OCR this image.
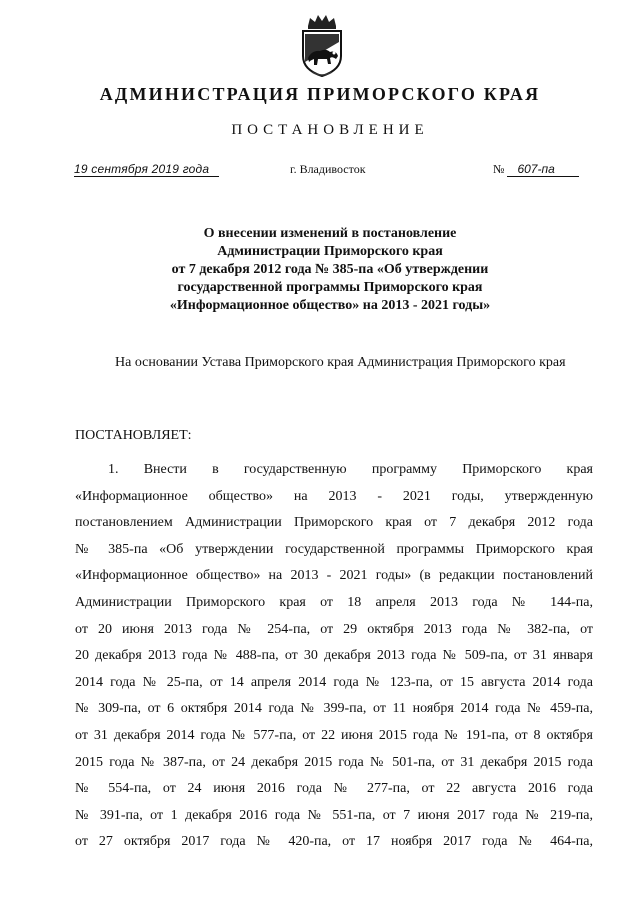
АДМИНИСТРАЦИЯ ПРИМОРСКОГО КРАЯ
ПОСТАНОВЛЕНИЕ
19 сентября 2019 года	г. Владивосток	№ 607-па
О внесении изменений в постановление
Администрации Приморского края
от 7 декабря 2012 года № 385-па «Об утверждении
государственной программы Приморского края
«Информационное общество» на 2013 - 2021 годы»
На основании Устава Приморского края Администрация Приморского края
ПОСТАНОВЛЯЕТ:
1. Внести в государственную программу Приморского края
«Информационное общество» на 2013 - 2021 годы, утвержденную
постановлением Администрации Приморского края от 7 декабря 2012 года
№ 385-па «Об утверждении государственной программы Приморского края
«Информационное общество» на 2013 - 2021 годы» (в редакции постановлений
Администрации Приморского края от 18 апреля 2013 года № 144-па,
от 20 июня 2013 года № 254-па, от 29 октября 2013 года № 382-па, от
20 декабря 2013 года № 488-па, от 30 декабря 2013 года № 509-па, от 31 января
2014 года № 25-па, от 14 апреля 2014 года № 123-па, от 15 августа 2014 года
№ 309-па, от 6 октября 2014 года № 399-па, от 11 ноября 2014 года № 459-па,
от 31 декабря 2014 года № 577-па, от 22 июня 2015 года № 191-па, от 8 октября
2015 года № 387-па, от 24 декабря 2015 года № 501-па, от 31 декабря 2015 года
№ 554-па, от 24 июня 2016 года № 277-па, от 22 августа 2016 года
№ 391-па, от 1 декабря 2016 года № 551-па, от 7 июня 2017 года № 219-па,
от 27 октября 2017 года № 420-па, от 17 ноября 2017 года № 464-па,
